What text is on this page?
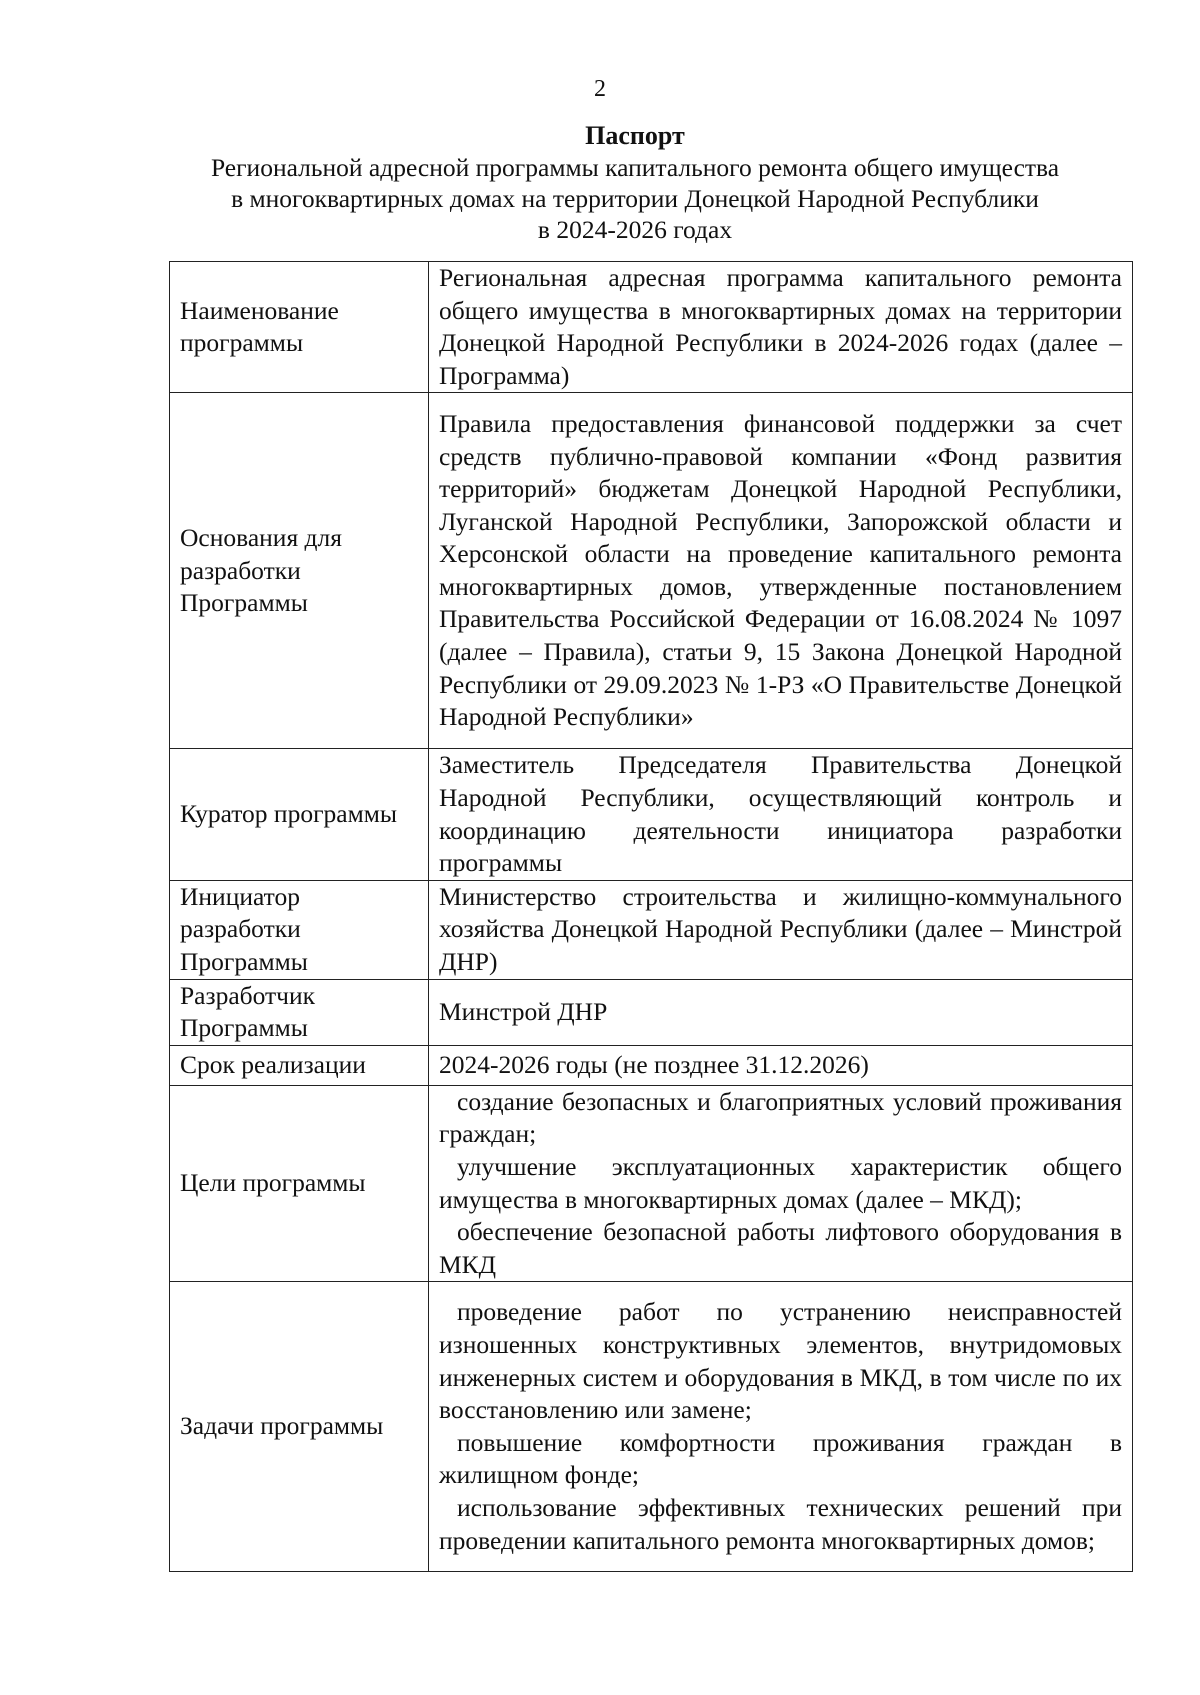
2

Паспорт

Региональной адресной программы капитального ремонта общего имущества

в многоквартирных домах на территории Донецкой Народной Республики

в 2024-2026 годах

Наименование программы	Региональная адресная программа капитального ремонта общего имущества в многоквартирных домах на территории Донецкой Народной Республики в 2024-2026 годах (далее – Программа)
Основания для разработки Программы	Правила предоставления финансовой поддержки за счет средств публично-правовой компании «Фонд развития территорий» бюджетам Донецкой Народной Республики, Луганской Народной Республики, Запорожской области и Херсонской области на проведение капитального ремонта многоквартирных домов, утвержденные постановлением Правительства Российской Федерации от 16.08.2024 № 1097 (далее – Правила), статьи 9, 15 Закона Донецкой Народной Республики от 29.09.2023 № 1-РЗ «О Правительстве Донецкой Народной Республики»
Куратор программы	Заместитель Председателя Правительства Донецкой Народной Республики, осуществляющий контроль и координацию деятельности инициатора разработки программы
Инициатор разработки Программы	Министерство строительства и жилищно-коммунального хозяйства Донецкой Народной Республики (далее – Минстрой ДНР)
Разработчик Программы	Минстрой ДНР
Срок реализации	2024-2026 годы (не позднее 31.12.2026)
Цели программы	создание безопасных и благоприятных условий проживания граждан;
улучшение эксплуатационных характеристик общего имущества в многоквартирных домах (далее – МКД);
обеспечение безопасной работы лифтового оборудования в МКД

Задачи программы	проведение работ по устранению неисправностей изношенных конструктивных элементов, внутридомовых инженерных систем и оборудования в МКД, в том числе по их восстановлению или замене;
повышение комфортности проживания граждан в жилищном фонде;
использование эффективных технических решений при проведении капитального ремонта многоквартирных домов;
